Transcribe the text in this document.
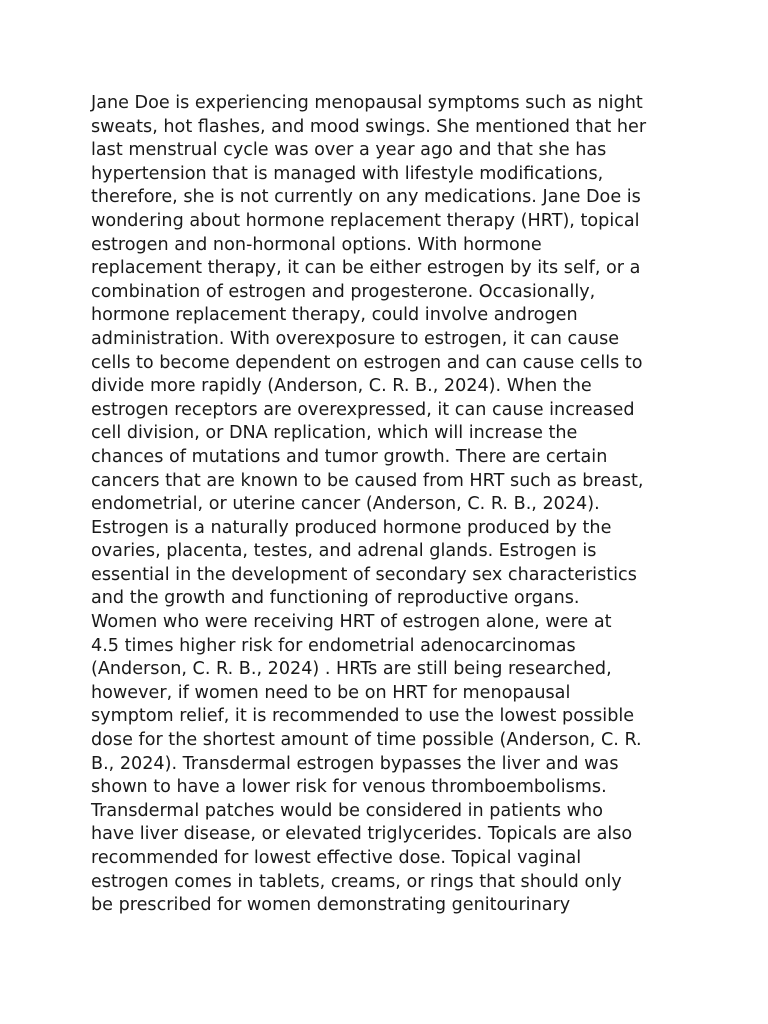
Jane Doe is experiencing menopausal symptoms such as night
sweats, hot flashes, and mood swings. She mentioned that her
last menstrual cycle was over a year ago and that she has
hypertension that is managed with lifestyle modifications,
therefore, she is not currently on any medications. Jane Doe is
wondering about hormone replacement therapy (HRT), topical
estrogen and non-hormonal options. With hormone
replacement therapy, it can be either estrogen by its self, or a
combination of estrogen and progesterone. Occasionally,
hormone replacement therapy, could involve androgen
administration. With overexposure to estrogen, it can cause
cells to become dependent on estrogen and can cause cells to
divide more rapidly (Anderson, C. R. B., 2024). When the
estrogen receptors are overexpressed, it can cause increased
cell division, or DNA replication, which will increase the
chances of mutations and tumor growth. There are certain
cancers that are known to be caused from HRT such as breast,
endometrial, or uterine cancer (Anderson, C. R. B., 2024).
Estrogen is a naturally produced hormone produced by the
ovaries, placenta, testes, and adrenal glands. Estrogen is
essential in the development of secondary sex characteristics
and the growth and functioning of reproductive organs.
Women who were receiving HRT of estrogen alone, were at
4.5 times higher risk for endometrial adenocarcinomas
(Anderson, C. R. B., 2024) . HRTs are still being researched,
however, if women need to be on HRT for menopausal
symptom relief, it is recommended to use the lowest possible
dose for the shortest amount of time possible (Anderson, C. R.
B., 2024). Transdermal estrogen bypasses the liver and was
shown to have a lower risk for venous thromboembolisms.
Transdermal patches would be considered in patients who
have liver disease, or elevated triglycerides. Topicals are also
recommended for lowest effective dose. Topical vaginal
estrogen comes in tablets, creams, or rings that should only
be prescribed for women demonstrating genitourinary
